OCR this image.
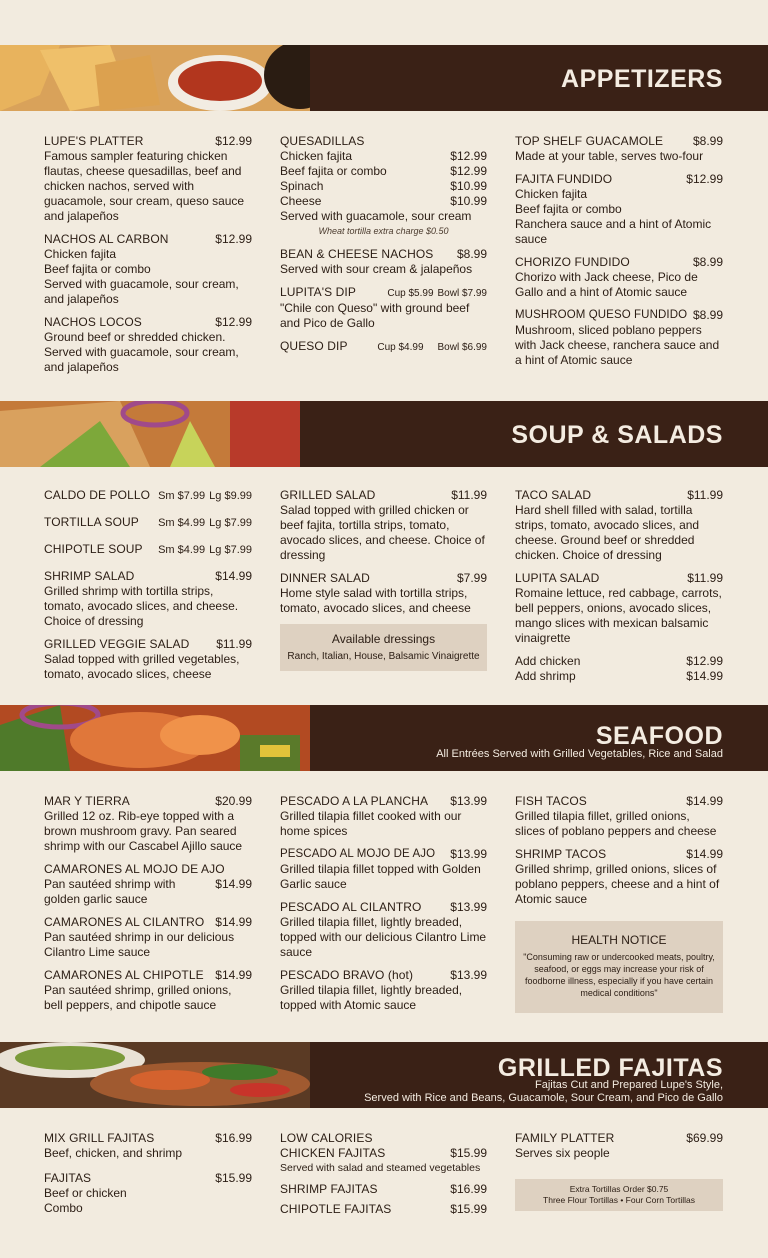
APPETIZERS
LUPE'S PLATTER	$12.99
Famous sampler featuring chicken flautas, cheese quesadillas, beef and chicken nachos, served with guacamole, sour cream, queso sauce and jalapeños
NACHOS AL CARBON	$12.99
Chicken fajita
Beef fajita or combo
Served with guacamole, sour cream, and jalapeños
NACHOS LOCOS	$12.99
Ground beef or shredded chicken. Served with guacamole, sour cream, and jalapeños
QUESADILLAS
Chicken fajita	$12.99
Beef fajita or combo	$12.99
Spinach	$10.99
Cheese	$10.99
Served with guacamole, sour cream
Wheat tortilla extra charge $0.50
BEAN & CHEESE NACHOS $8.99
Served with sour cream & jalapeños
LUPITA'S DIP	Cup $5.99 Bowl $7.99
"Chile con Queso" with ground beef and Pico de Gallo
QUESO DIP	Cup $4.99 Bowl $6.99
TOP SHELF GUACAMOLE $8.99
Made at your table, serves two-four
FAJITA FUNDIDO	$12.99
Chicken fajita
Beef fajita or combo
Ranchera sauce and a hint of Atomic sauce
CHORIZO FUNDIDO	$8.99
Chorizo with Jack cheese, Pico de Gallo and a hint of Atomic sauce
MUSHROOM QUESO FUNDIDO $8.99
Mushroom, sliced poblano peppers with Jack cheese, ranchera sauce and a hint of Atomic sauce
SOUP & SALADS
CALDO DE POLLO Sm $7.99 Lg $9.99
TORTILLA SOUP	Sm $4.99 Lg $7.99
CHIPOTLE SOUP	Sm $4.99 Lg $7.99
SHRIMP SALAD	$14.99
Grilled shrimp with tortilla strips, tomato, avocado slices, and cheese. Choice of dressing
GRILLED VEGGIE SALAD $11.99
Salad topped with grilled vegetables, tomato, avocado slices, cheese
GRILLED SALAD	$11.99
Salad topped with grilled chicken or beef fajita, tortilla strips, tomato, avocado slices, and cheese. Choice of dressing
DINNER SALAD	$7.99
Home style salad with tortilla strips, tomato, avocado slices, and cheese
Available dressings
Ranch, Italian, House, Balsamic Vinaigrette
TACO SALAD	$11.99
Hard shell filled with salad, tortilla strips, tomato, avocado slices, and cheese. Ground beef or shredded chicken. Choice of dressing
LUPITA SALAD	$11.99
Romaine lettuce, red cabbage, carrots, bell peppers, onions, avocado slices, mango slices with mexican balsamic vinaigrette
Add chicken	$12.99
Add shrimp	$14.99
SEAFOOD
All Entrées Served with Grilled Vegetables, Rice and Salad
MAR Y TIERRA	$20.99
Grilled 12 oz. Rib-eye topped with a brown mushroom gravy. Pan seared shrimp with our Cascabel Ajillo sauce
CAMARONES AL MOJO DE AJO
Pan sautéed shrimp with golden garlic sauce
$14.99
CAMARONES AL CILANTRO $14.99
Pan sautéed shrimp in our delicious Cilantro Lime sauce
CAMARONES AL CHIPOTLE $14.99
Pan sautéed shrimp, grilled onions, bell peppers, and chipotle sauce
PESCADO A LA PLANCHA $13.99
Grilled tilapia fillet cooked with our home spices
PESCADO AL MOJO DE AJO $13.99
Grilled tilapia fillet topped with Golden Garlic sauce
PESCADO AL CILANTRO $13.99
Grilled tilapia fillet, lightly breaded, topped with our delicious Cilantro Lime sauce
PESCADO BRAVO (hot)	$13.99
Grilled tilapia fillet, lightly breaded, topped with Atomic sauce
FISH TACOS	$14.99
Grilled tilapia fillet, grilled onions, slices of poblano peppers and cheese
SHRIMP TACOS	$14.99
Grilled shrimp, grilled onions, slices of poblano peppers, cheese and a hint of Atomic sauce
HEALTH NOTICE
"Consuming raw or undercooked meats, poultry, seafood, or eggs may increase your risk of foodborne illness, especially if you have certain medical conditions"
GRILLED FAJITAS
Fajitas Cut and Prepared Lupe's Style,
Served with Rice and Beans, Guacamole, Sour Cream, and Pico de Gallo
MIX GRILL FAJITAS	$16.99
Beef, chicken, and shrimp
FAJITAS	$15.99
Beef or chicken
Combo
LOW CALORIES
CHICKEN FAJITAS	$15.99
Served with salad and steamed vegetables
SHRIMP FAJITAS	$16.99
CHIPOTLE FAJITAS	$15.99
FAMILY PLATTER	$69.99
Serves six people
Extra Tortillas Order $0.75
Three Flour Tortillas • Four Corn Tortillas
